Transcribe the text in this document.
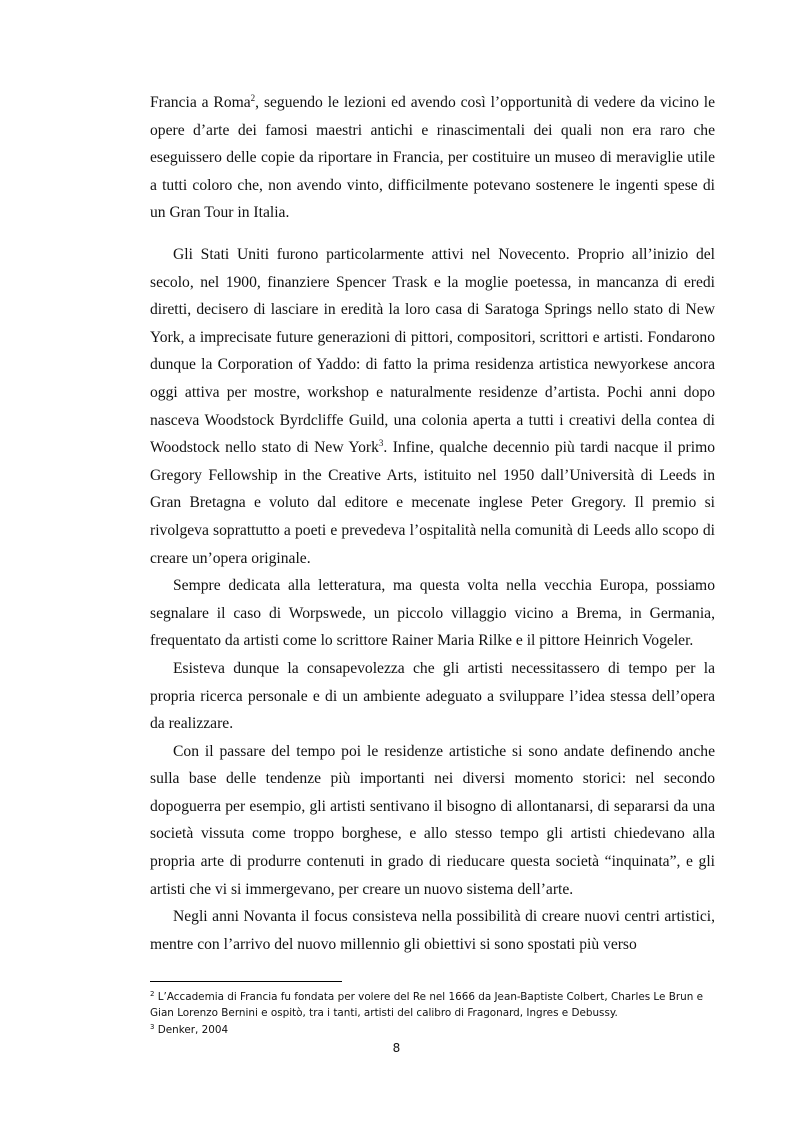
Francia a Roma$^2$, seguendo le lezioni ed avendo così l’opportunità di vedere da vicino le opere d’arte dei famosi maestri antichi e rinascimentali dei quali non era raro che eseguissero delle copie da riportare in Francia, per costituire un museo di meraviglie utile a tutti coloro che, non avendo vinto, difficilmente potevano sostenere le ingenti spese di un Gran Tour in Italia.

Gli Stati Uniti furono particolarmente attivi nel Novecento. Proprio all’inizio del secolo, nel 1900, finanziere Spencer Trask e la moglie poetessa, in mancanza di eredi diretti, decisero di lasciare in eredità la loro casa di Saratoga Springs nello stato di New York, a imprecisate future generazioni di pittori, compositori, scrittori e artisti. Fondarono dunque la Corporation of Yaddo: di fatto la prima residenza artistica newyorkese ancora oggi attiva per mostre, workshop e naturalmente residenze d’artista. Pochi anni dopo nasceva Woodstock Byrdcliffe Guild, una colonia aperta a tutti i creativi della contea di Woodstock nello stato di New York$^3$. Infine, qualche decennio più tardi nacque il primo Gregory Fellowship in the Creative Arts, istituito nel 1950 dall’Università di Leeds in Gran Bretagna e voluto dal editore e mecenate inglese Peter Gregory. Il premio si rivolgeva soprattutto a poeti e prevedeva l’ospitalità nella comunità di Leeds allo scopo di creare un’opera originale.

Sempre dedicata alla letteratura, ma questa volta nella vecchia Europa, possiamo segnalare il caso di Worpswede, un piccolo villaggio vicino a Brema, in Germania, frequentato da artisti come lo scrittore Rainer Maria Rilke e il pittore Heinrich Vogeler.

Esisteva dunque la consapevolezza che gli artisti necessitassero di tempo per la propria ricerca personale e di un ambiente adeguato a sviluppare l’idea stessa dell’opera da realizzare.

Con il passare del tempo poi le residenze artistiche si sono andate definendo anche sulla base delle tendenze più importanti nei diversi momento storici: nel secondo dopoguerra per esempio, gli artisti sentivano il bisogno di allontanarsi, di separarsi da una società vissuta come troppo borghese, e allo stesso tempo gli artisti chiedevano alla propria arte di produrre contenuti in grado di rieducare questa società “inquinata”, e gli artisti che vi si immergevano, per creare un nuovo sistema dell’arte.

Negli anni Novanta il focus consisteva nella possibilità di creare nuovi centri artistici, mentre con l’arrivo del nuovo millennio gli obiettivi si sono spostati più verso

$^2$ L’Accademia di Francia fu fondata per volere del Re nel 1666 da Jean-Baptiste Colbert, Charles Le Brun e Gian Lorenzo Bernini e ospitò, tra i tanti, artisti del calibro di Fragonard, Ingres e Debussy.

$^3$ Denker, 2004

8
